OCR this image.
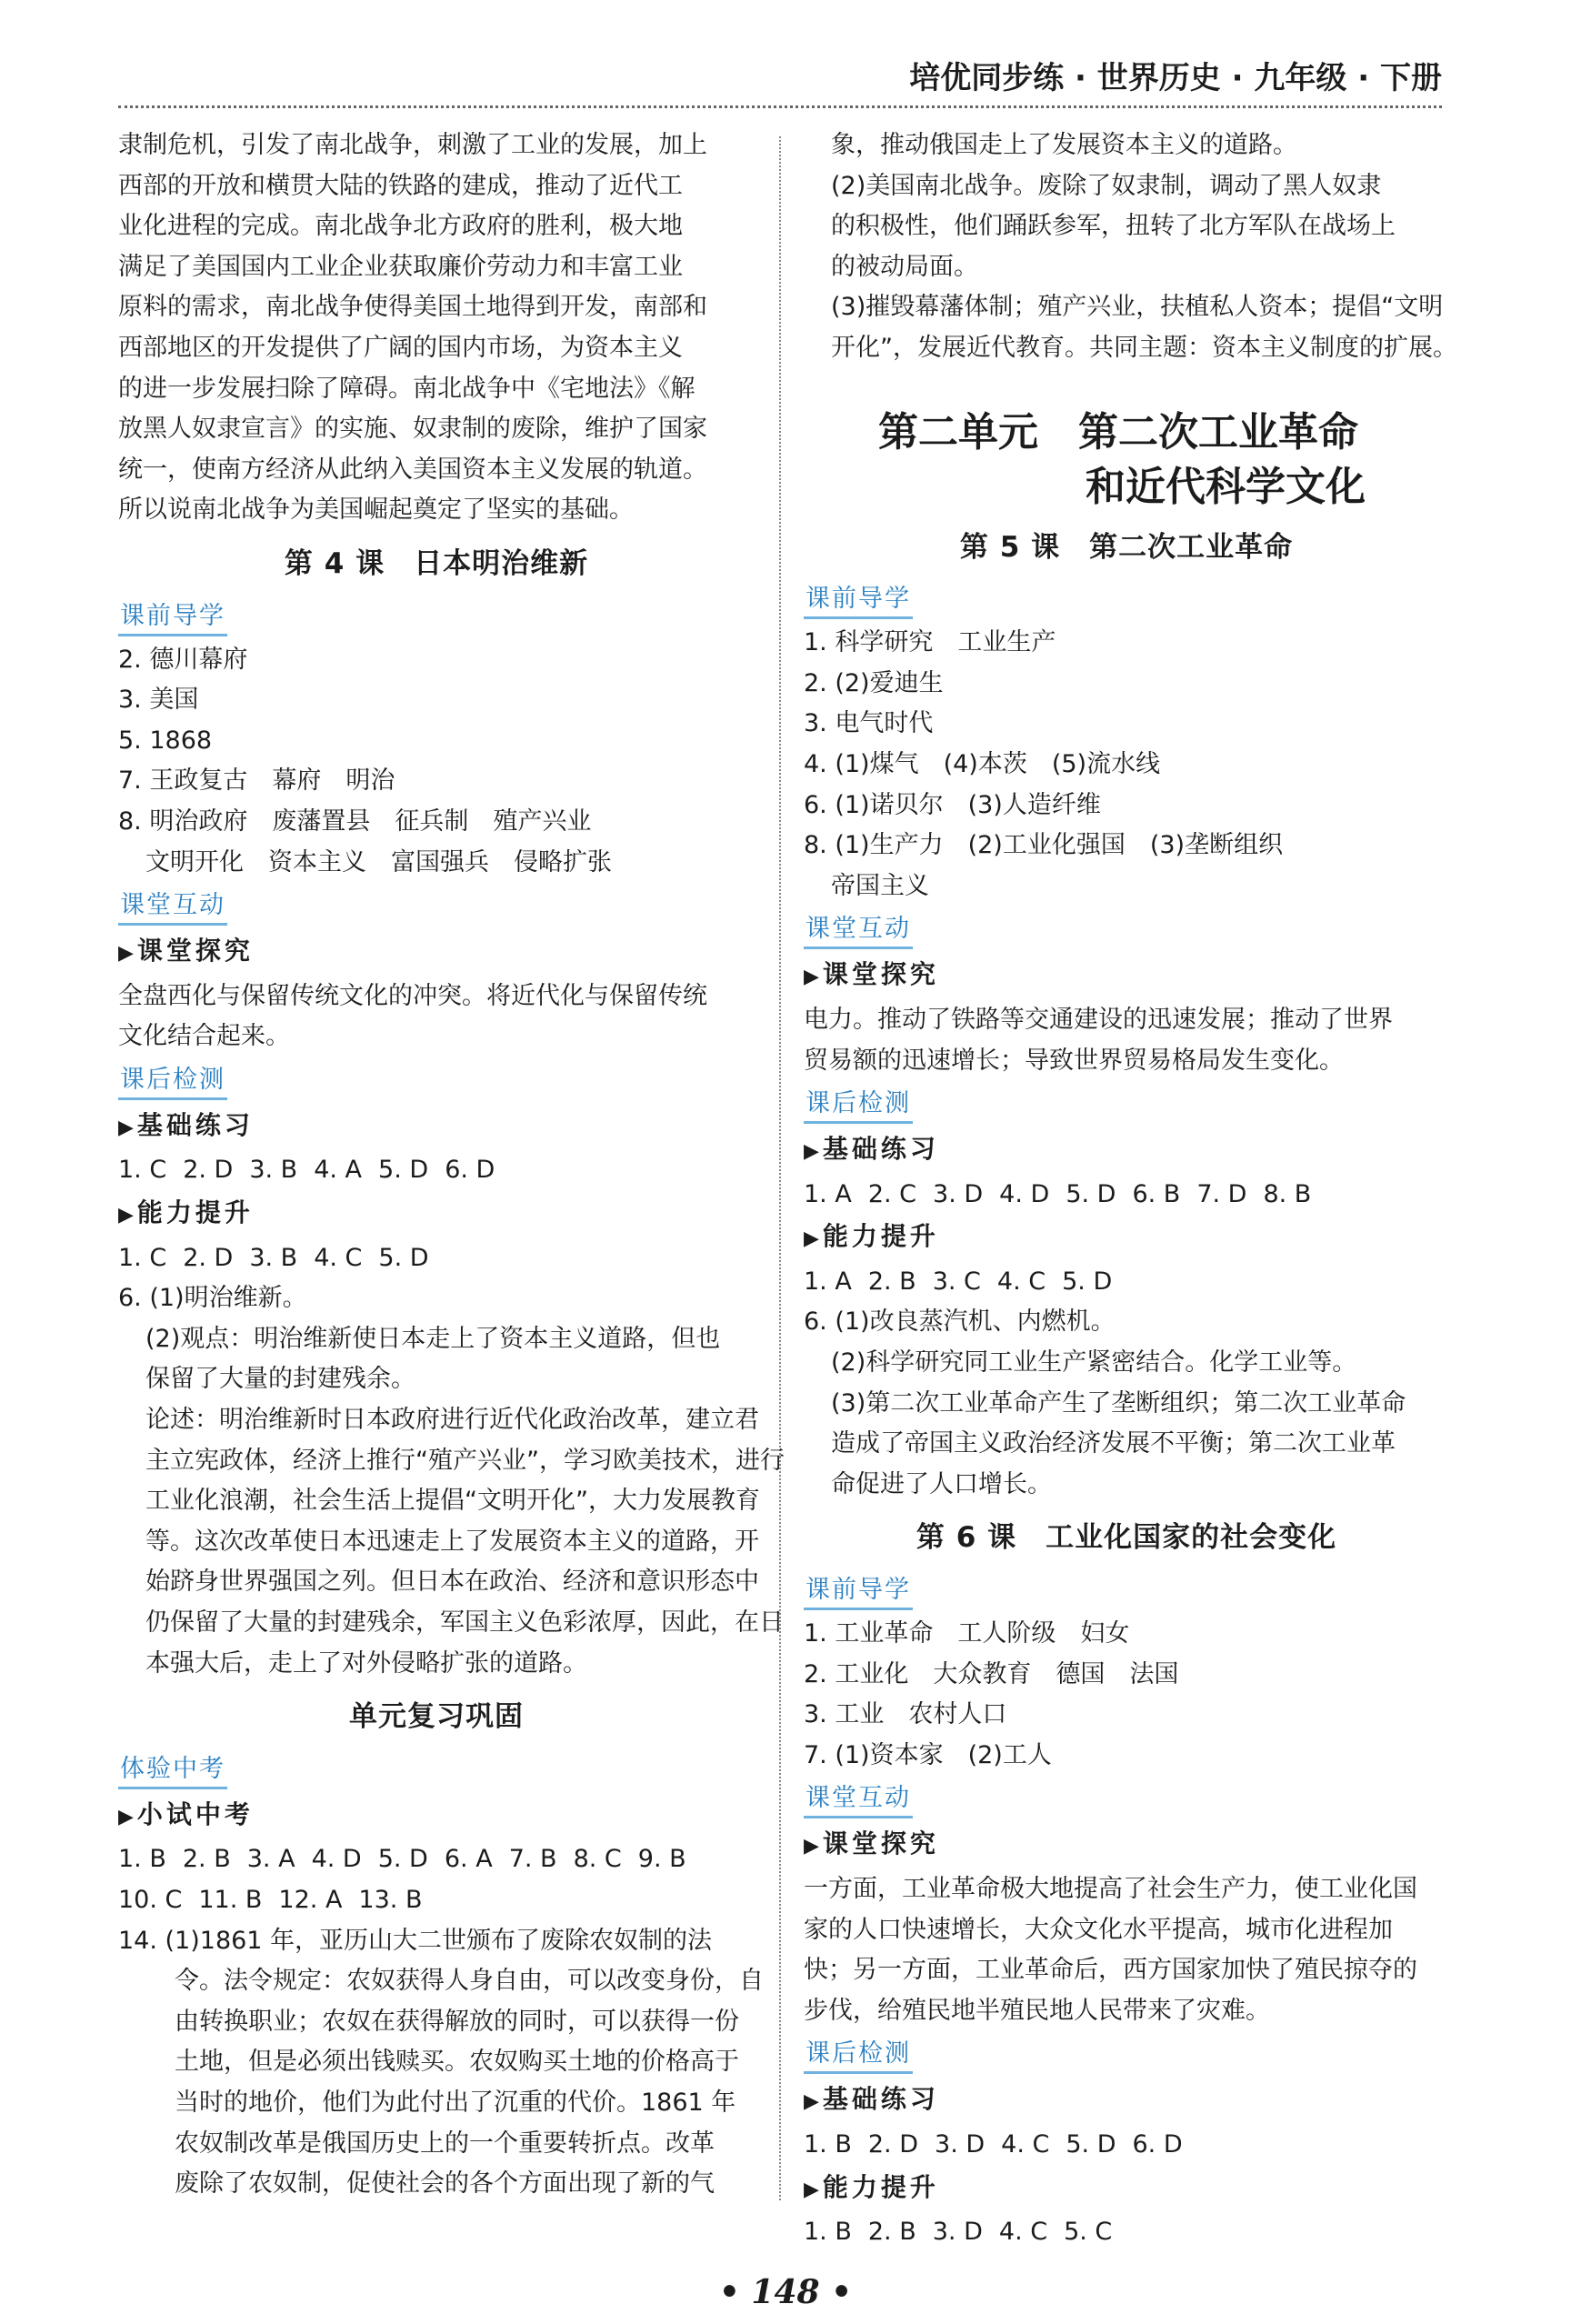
培优同步练 · 世界历史 · 九年级 · 下册
隶制危机，引发了南北战争，刺激了工业的发展，加上
西部的开放和横贯大陆的铁路的建成，推动了近代工
业化进程的完成。南北战争北方政府的胜利，极大地
满足了美国国内工业企业获取廉价劳动力和丰富工业
原料的需求，南北战争使得美国土地得到开发，南部和
西部地区的开发提供了广阔的国内市场，为资本主义
的进一步发展扫除了障碍。南北战争中《宅地法》《解
放黑人奴隶宣言》的实施、奴隶制的废除，维护了国家
统一，使南方经济从此纳入美国资本主义发展的轨道。
所以说南北战争为美国崛起奠定了坚实的基础。
第 4 课　日本明治维新
课前导学
2. 德川幕府
3. 美国
5. 1868
7. 王政复古　幕府　明治
8. 明治政府　废藩置县　征兵制　殖产兴业
文明开化　资本主义　富国强兵　侵略扩张
课堂互动
▶ 课堂探究
全盘西化与保留传统文化的冲突。将近代化与保留传统
文化结合起来。
课后检测
▶ 基础练习
1. C 2. D 3. B 4. A 5. D 6. D
▶ 能力提升
1. C 2. D 3. B 4. C 5. D
6. (1)明治维新。
(2)观点：明治维新使日本走上了资本主义道路，但也
保留了大量的封建残余。
论述：明治维新时日本政府进行近代化政治改革，建立君
主立宪政体，经济上推行“殖产兴业”，学习欧美技术，进行
工业化浪潮，社会生活上提倡“文明开化”，大力发展教育
等。这次改革使日本迅速走上了发展资本主义的道路，开
始跻身世界强国之列。但日本在政治、经济和意识形态中
仍保留了大量的封建残余，军国主义色彩浓厚，因此，在日
本强大后，走上了对外侵略扩张的道路。
单元复习巩固
体验中考
▶ 小试中考
1. B 2. B 3. A 4. D 5. D 6. A 7. B 8. C 9. B
10. C 11. B 12. A 13. B
14. (1)1861 年，亚历山大二世颁布了废除农奴制的法
令。法令规定：农奴获得人身自由，可以改变身份，自
由转换职业；农奴在获得解放的同时，可以获得一份
土地，但是必须出钱赎买。农奴购买土地的价格高于
当时的地价，他们为此付出了沉重的代价。1861 年
农奴制改革是俄国历史上的一个重要转折点。改革
废除了农奴制，促使社会的各个方面出现了新的气
象，推动俄国走上了发展资本主义的道路。
(2)美国南北战争。废除了奴隶制，调动了黑人奴隶
的积极性，他们踊跃参军，扭转了北方军队在战场上
的被动局面。
(3)摧毁幕藩体制；殖产兴业，扶植私人资本；提倡“文明
开化”，发展近代教育。共同主题：资本主义制度的扩展。
第二单元　第二次工业革命
和近代科学文化
第 5 课　第二次工业革命
课前导学
1. 科学研究　工业生产
2. (2)爱迪生
3. 电气时代
4. (1)煤气　(4)本茨　(5)流水线
6. (1)诺贝尔　(3)人造纤维
8. (1)生产力　(2)工业化强国　(3)垄断组织
帝国主义
课堂互动
▶ 课堂探究
电力。推动了铁路等交通建设的迅速发展；推动了世界
贸易额的迅速增长；导致世界贸易格局发生变化。
课后检测
▶ 基础练习
1. A 2. C 3. D 4. D 5. D 6. B 7. D 8. B
▶ 能力提升
1. A 2. B 3. C 4. C 5. D
6. (1)改良蒸汽机、内燃机。
(2)科学研究同工业生产紧密结合。化学工业等。
(3)第二次工业革命产生了垄断组织；第二次工业革命
造成了帝国主义政治经济发展不平衡；第二次工业革
命促进了人口增长。
第 6 课　工业化国家的社会变化
课前导学
1. 工业革命　工人阶级　妇女
2. 工业化　大众教育　德国　法国
3. 工业　农村人口
7. (1)资本家　(2)工人
课堂互动
▶ 课堂探究
一方面，工业革命极大地提高了社会生产力，使工业化国
家的人口快速增长，大众文化水平提高，城市化进程加
快；另一方面，工业革命后，西方国家加快了殖民掠夺的
步伐，给殖民地半殖民地人民带来了灾难。
课后检测
▶ 基础练习
1. B 2. D 3. D 4. C 5. D 6. D
▶ 能力提升
1. B 2. B 3. D 4. C 5. C
• 148 •
